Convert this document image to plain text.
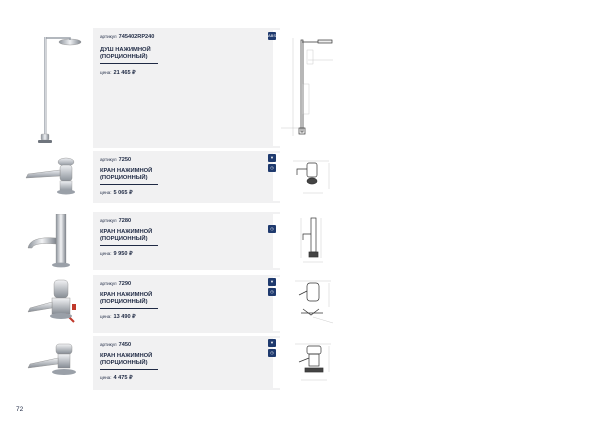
артикул 745402RP240
ДУШ НАЖИМНОЙ
(ПОРЦИОННЫЙ)
цена: 21 465 ₽
ABS
артикул 7250
КРАН НАЖИМНОЙ
(ПОРЦИОННЫЙ)
цена: 5 065 ₽
▼
◷
артикул 7280
КРАН НАЖИМНОЙ
(ПОРЦИОННЫЙ)
цена: 9 950 ₽
◷
артикул 7290
КРАН НАЖИМНОЙ
(ПОРЦИОННЫЙ)
цена: 13 490 ₽
▼
◷
артикул 7450
КРАН НАЖИМНОЙ
(ПОРЦИОННЫЙ)
цена: 4 475 ₽
▼
◷
72
